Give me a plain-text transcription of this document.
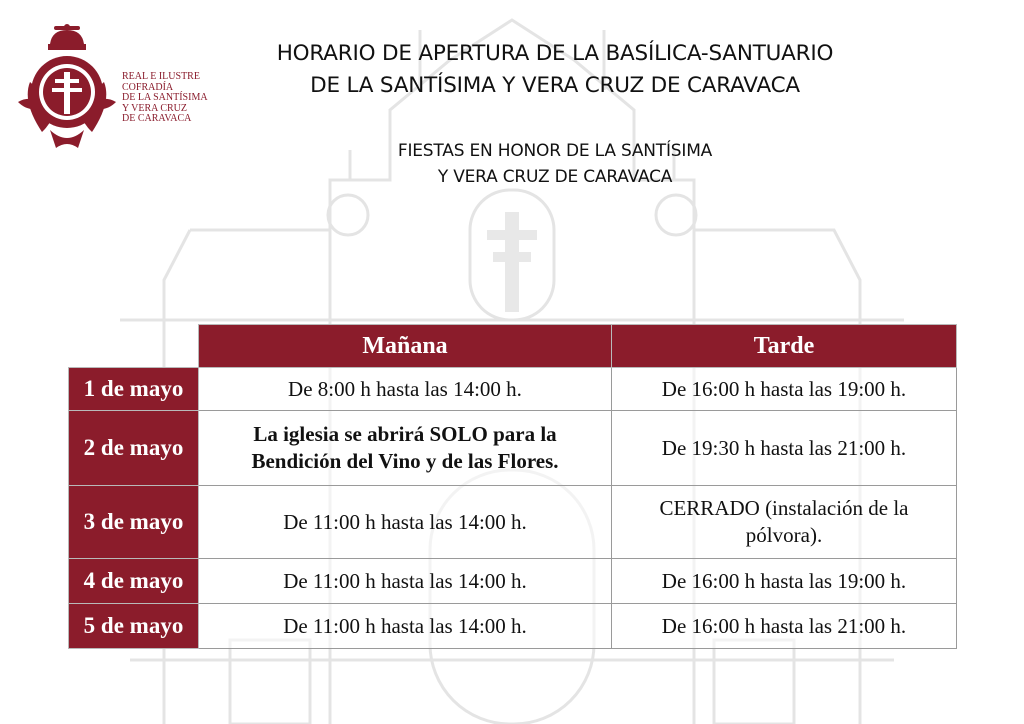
REAL E ILUSTRE
COFRADÍA
DE LA SANTÍSIMA
Y VERA CRUZ
DE CARAVACA
HORARIO DE APERTURA DE LA BASÍLICA-SANTUARIO
DE LA SANTÍSIMA Y VERA CRUZ DE CARAVACA
FIESTAS EN HONOR DE LA SANTÍSIMA
Y VERA CRUZ DE CARAVACA
	Mañana	Tarde
1 de mayo	De 8:00 h hasta las 14:00 h.	De 16:00 h hasta las 19:00 h.
2 de mayo	La iglesia se abrirá SOLO para la Bendición del Vino y de las Flores.	De 19:30 h hasta las 21:00 h.
3 de mayo	De 11:00 h hasta las 14:00 h.	CERRADO (instalación de la pólvora).
4 de mayo	De 11:00 h hasta las 14:00 h.	De 16:00 h hasta las 19:00 h.
5 de mayo	De 11:00 h hasta las 14:00 h.	De 16:00 h hasta las 21:00 h.
